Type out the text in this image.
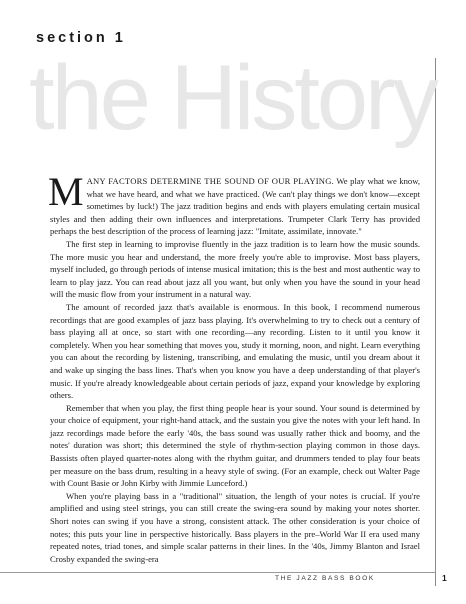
section 1
the History

MANY FACTORS DETERMINE THE SOUND OF OUR PLAYING. We play what we know, what we have heard, and what we have practiced. (We can't play things we don't know—except sometimes by luck!) The jazz tradition begins and ends with players emulating certain musical styles and then adding their own influences and interpretations. Trumpeter Clark Terry has provided perhaps the best description of the process of learning jazz: "Imitate, assimilate, innovate."

The first step in learning to improvise fluently in the jazz tradition is to learn how the music sounds. The more music you hear and understand, the more freely you're able to improvise. Most bass players, myself included, go through periods of intense musical imitation; this is the best and most authentic way to learn to play jazz. You can read about jazz all you want, but only when you have the sound in your head will the music flow from your instrument in a natural way.

The amount of recorded jazz that's available is enormous. In this book, I recommend numerous recordings that are good examples of jazz bass playing. It's overwhelming to try to check out a century of bass playing all at once, so start with one recording—any recording. Listen to it until you know it completely. When you hear something that moves you, study it morning, noon, and night. Learn everything you can about the recording by listening, transcribing, and emulating the music, until you dream about it and wake up singing the bass lines. That's when you know you have a deep understanding of that player's music. If you're already knowledgeable about certain periods of jazz, expand your knowledge by exploring others.

Remember that when you play, the first thing people hear is your sound. Your sound is determined by your choice of equipment, your right-hand attack, and the sustain you give the notes with your left hand. In jazz recordings made before the early '40s, the bass sound was usually rather thick and boomy, and the notes' duration was short; this determined the style of rhythm-section playing common in those days. Bassists often played quarter-notes along with the rhythm guitar, and drummers tended to play four beats per measure on the bass drum, resulting in a heavy style of swing. (For an example, check out Walter Page with Count Basie or John Kirby with Jimmie Lunceford.)

When you're playing bass in a "traditional" situation, the length of your notes is crucial. If you're amplified and using steel strings, you can still create the swing-era sound by making your notes shorter. Short notes can swing if you have a strong, consistent attack. The other consideration is your choice of notes; this puts your line in perspective historically. Bass players in the pre–World War II era used many repeated notes, triad tones, and simple scalar patterns in their lines. In the '40s, Jimmy Blanton and Israel Crosby expanded the swing-era

THE JAZZ BASS BOOK	1
